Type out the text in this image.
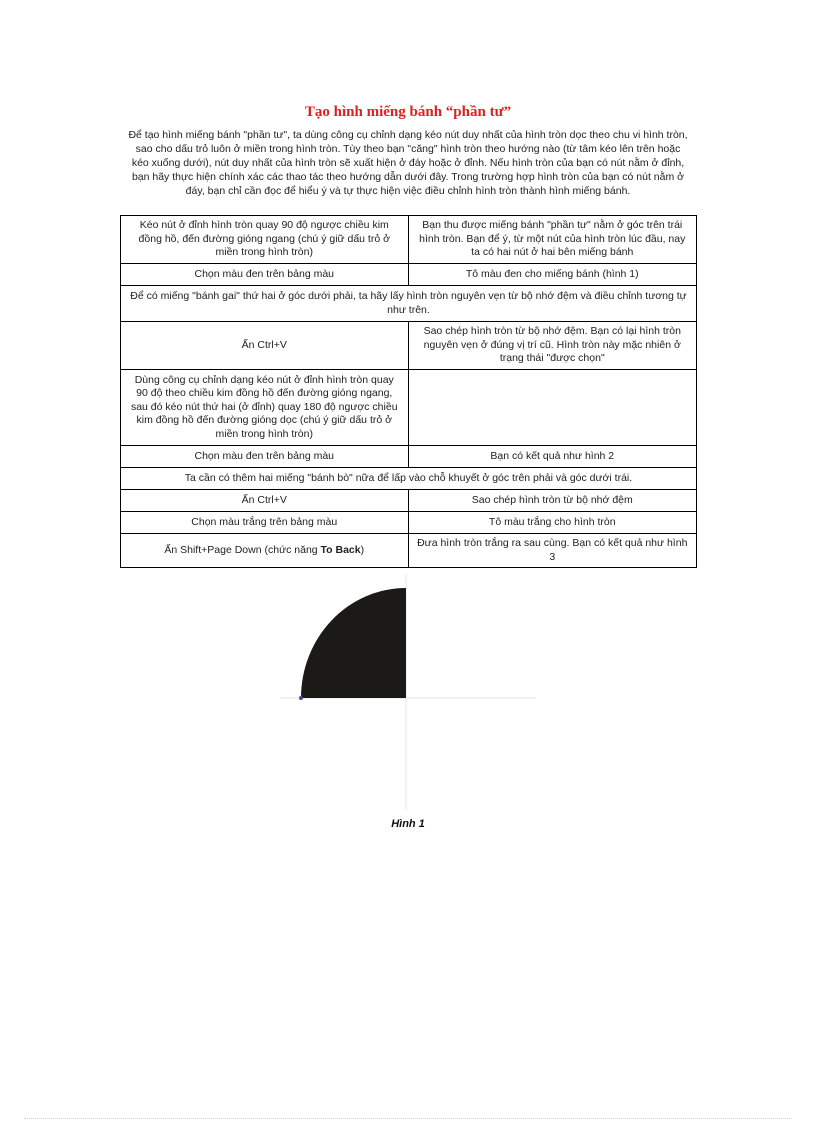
Tạo hình miếng bánh “phần tư”
Để tạo hình miếng bánh "phần tư", ta dùng công cụ chỉnh dạng kéo nút duy nhất của hình tròn dọc theo chu vi hình tròn, sao cho dấu trỏ luôn ở miền trong hình tròn. Tùy theo bạn "căng" hình tròn theo hướng nào (từ tâm kéo lên trên hoặc kéo xuống dưới), nút duy nhất của hình tròn sẽ xuất hiện ở đáy hoặc ở đỉnh. Nếu hình tròn của bạn có nút nằm ở đỉnh, bạn hãy thực hiện chính xác các thao tác theo hướng dẫn dưới đây. Trong trường hợp hình tròn của bạn có nút nằm ở đáy, bạn chỉ cần đọc để hiểu ý và tự thực hiện việc điều chỉnh hình tròn thành hình miếng bánh.
Kéo nút ở đỉnh hình tròn quay 90 độ ngược chiều kim đồng hồ, đến đường gióng ngang (chú ý giữ dấu trỏ ở miền trong hình tròn)	Bạn thu được miếng bánh "phần tư" nằm ở góc trên trái hình tròn. Bạn để ý, từ một nút của hình tròn lúc đầu, nay ta có hai nút ở hai bên miếng bánh
Chọn màu đen trên bảng màu	Tô màu đen cho miếng bánh (hình 1)
Để có miếng "bánh gai" thứ hai ở góc dưới phải, ta hãy lấy hình tròn nguyên vẹn từ bộ nhớ đệm và điều chỉnh tương tự như trên.	
Ấn Ctrl+V	Sao chép hình tròn từ bộ nhớ đệm. Bạn có lại hình tròn nguyên vẹn ở đúng vị trí cũ. Hình tròn này mặc nhiên ở trạng thái "được chọn"
Dùng công cụ chỉnh dạng kéo nút ở đỉnh hình tròn quay 90 độ theo chiều kim đồng hồ đến đường gióng ngang, sau đó kéo nút thứ hai (ở đỉnh) quay 180 độ ngược chiều kim đồng hồ đến đường gióng dọc (chú ý giữ dấu trỏ ở miền trong hình tròn)	
Chọn màu đen trên bảng màu	Bạn có kết quả như hình 2
Ta cần có thêm hai miếng "bánh bò" nữa để lấp vào chỗ khuyết ở góc trên phải và góc dưới trái.	
Ấn Ctrl+V	Sao chép hình tròn từ bộ nhớ đệm
Chọn màu trắng trên bảng màu	Tô màu trắng cho hình tròn
Ấn Shift+Page Down (chức năng To Back)	Đưa hình tròn trắng ra sau cùng. Bạn có kết quả như hình 3
Hình 1
